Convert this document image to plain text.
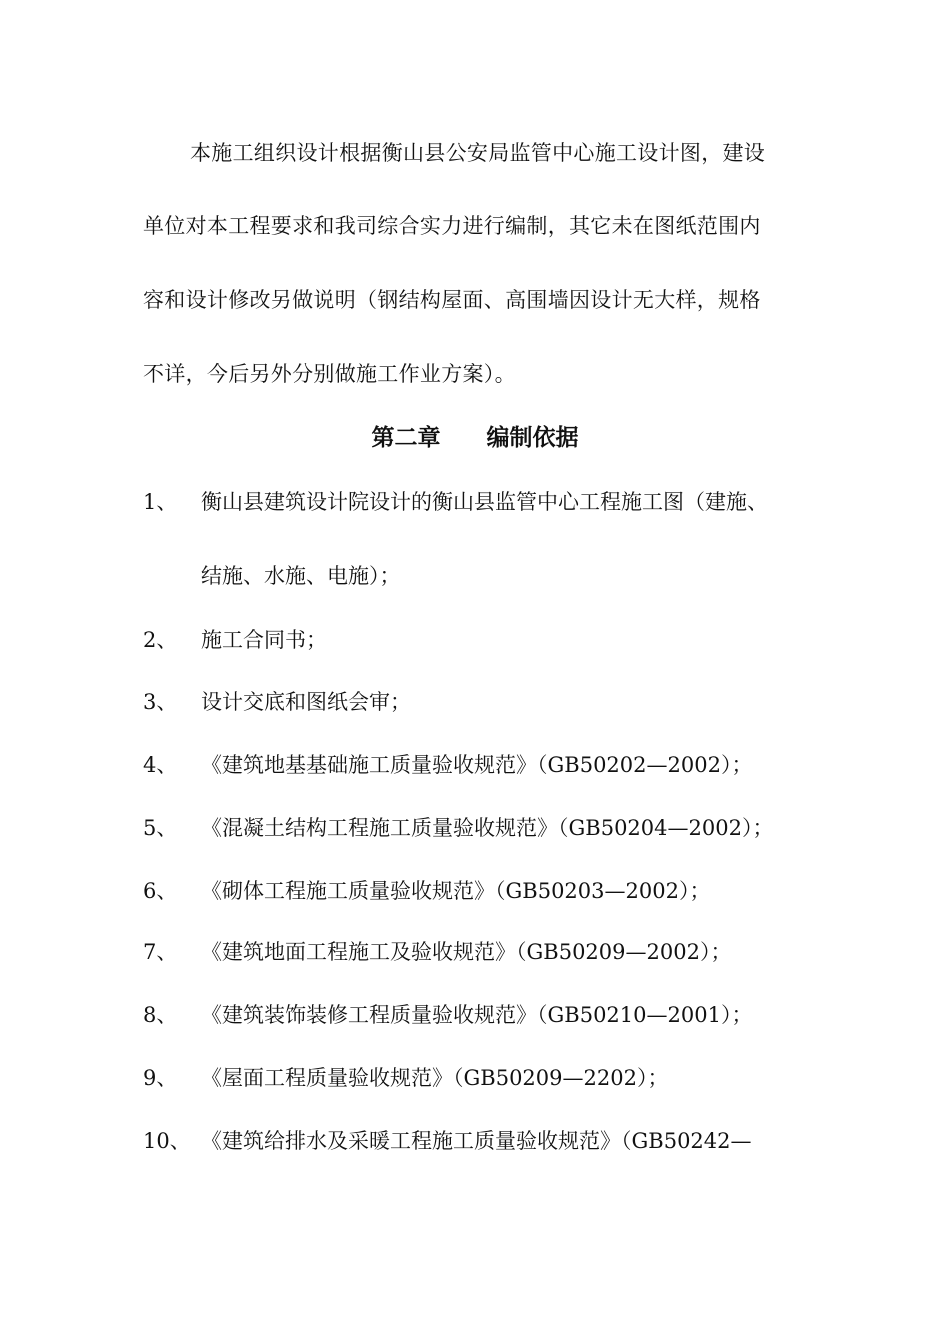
本施工组织设计根据衡山县公安局监管中心施工设计图，建设
单位对本工程要求和我司综合实力进行编制，其它未在图纸范围内
容和设计修改另做说明（钢结构屋面、高围墙因设计无大样，规格
不详，今后另外分别做施工作业方案）。
第二章　　编制依据
1、 衡山县建筑设计院设计的衡山县监管中心工程施工图（建施、
结施、水施、电施）；
2、 施工合同书；
3、 设计交底和图纸会审；
4、 《建筑地基基础施工质量验收规范》（GB50202—2002）；
5、 《混凝土结构工程施工质量验收规范》（GB50204—2002）；
6、 《砌体工程施工质量验收规范》（GB50203—2002）；
7、 《建筑地面工程施工及验收规范》（GB50209—2002）；
8、 《建筑装饰装修工程质量验收规范》（GB50210—2001）；
9、 《屋面工程质量验收规范》（GB50209—2202）；
10、 《建筑给排水及采暖工程施工质量验收规范》（GB50242—
